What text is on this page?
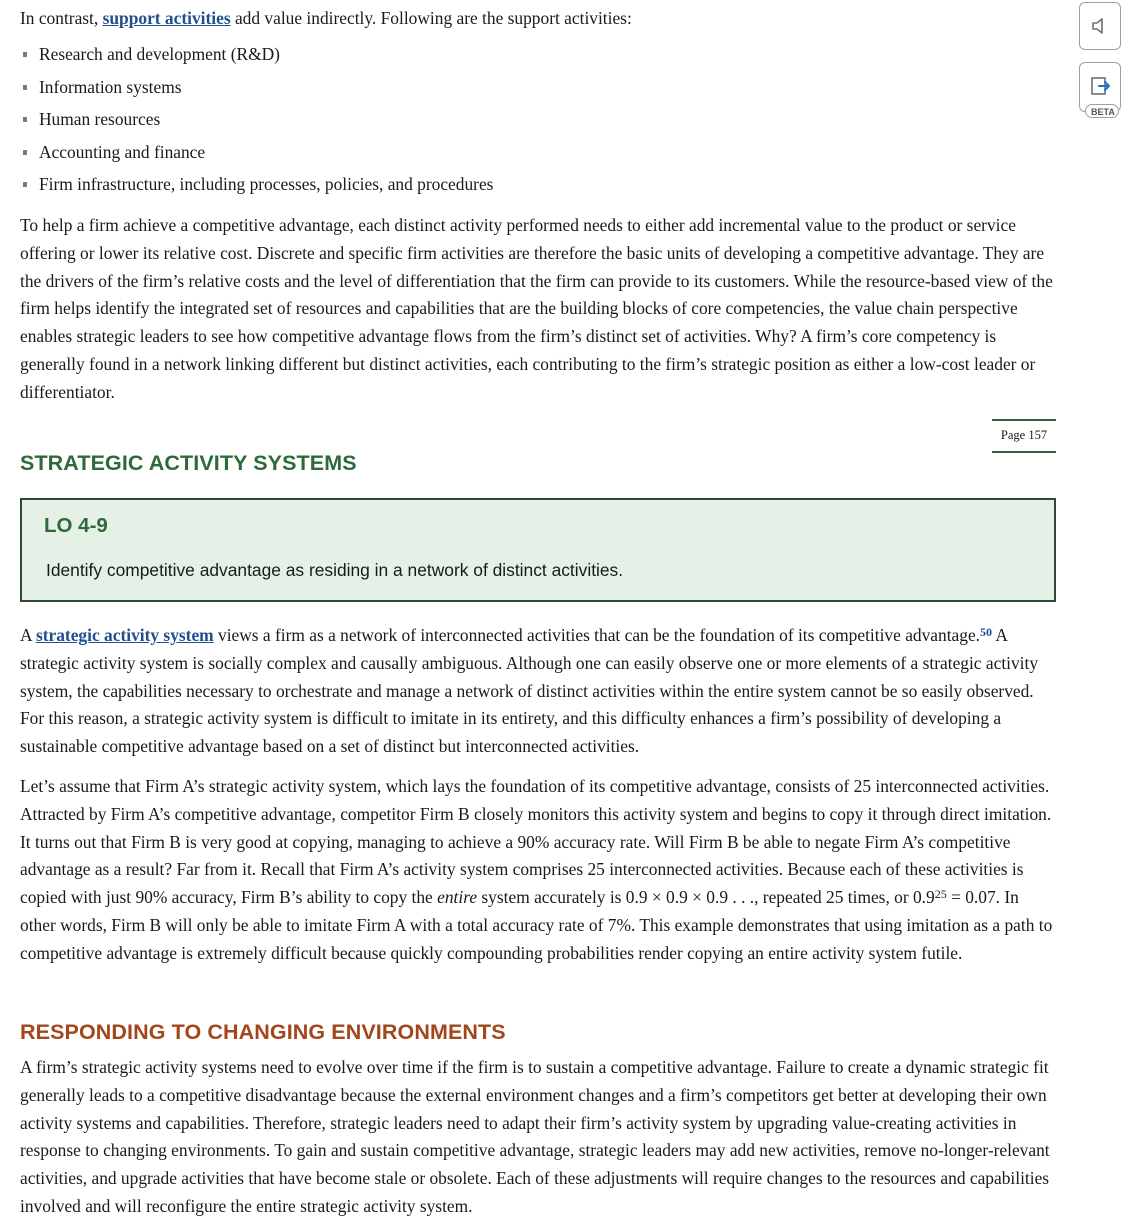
In contrast, support activities add value indirectly. Following are the support activities:

Research and development (R&D)
Information systems
Human resources
Accounting and finance
Firm infrastructure, including processes, policies, and procedures

To help a firm achieve a competitive advantage, each distinct activity performed needs to either add incremental value to the product or service offering or lower its relative cost. Discrete and specific firm activities are therefore the basic units of developing a competitive advantage. They are the drivers of the firm’s relative costs and the level of differentiation that the firm can provide to its customers. While the resource-based view of the firm helps identify the integrated set of resources and capabilities that are the building blocks of core competencies, the value chain perspective enables strategic leaders to see how competitive advantage flows from the firm’s distinct set of activities. Why? A firm’s core competency is generally found in a network linking different but distinct activities, each contributing to the firm’s strategic position as either a low-cost leader or differentiator.

Page 157
STRATEGIC ACTIVITY SYSTEMS
LO 4-9
Identify competitive advantage as residing in a network of distinct activities.

A strategic activity system views a firm as a network of interconnected activities that can be the foundation of its competitive advantage.$^{50}$ A strategic activity system is socially complex and causally ambiguous. Although one can easily observe one or more elements of a strategic activity system, the capabilities necessary to orchestrate and manage a network of distinct activities within the entire system cannot be so easily observed. For this reason, a strategic activity system is difficult to imitate in its entirety, and this difficulty enhances a firm’s possibility of developing a sustainable competitive advantage based on a set of distinct but interconnected activities.

Let’s assume that Firm A’s strategic activity system, which lays the foundation of its competitive advantage, consists of 25 interconnected activities. Attracted by Firm A’s competitive advantage, competitor Firm B closely monitors this activity system and begins to copy it through direct imitation. It turns out that Firm B is very good at copying, managing to achieve a 90% accuracy rate. Will Firm B be able to negate Firm A’s competitive advantage as a result? Far from it. Recall that Firm A’s activity system comprises 25 interconnected activities. Because each of these activities is copied with just 90% accuracy, Firm B’s ability to copy the entire system accurately is 0.9 × 0.9 × 0.9 . . ., repeated 25 times, or $0.9^{25} = 0.07$. In other words, Firm B will only be able to imitate Firm A with a total accuracy rate of 7%. This example demonstrates that using imitation as a path to competitive advantage is extremely difficult because quickly compounding probabilities render copying an entire activity system futile.

RESPONDING TO CHANGING ENVIRONMENTS

A firm’s strategic activity systems need to evolve over time if the firm is to sustain a competitive advantage. Failure to create a dynamic strategic fit generally leads to a competitive disadvantage because the external environment changes and a firm’s competitors get better at developing their own activity systems and capabilities. Therefore, strategic leaders need to adapt their firm’s activity system by upgrading value-creating activities in response to changing environments. To gain and sustain competitive advantage, strategic leaders may add new activities, remove no-longer-relevant activities, and upgrade activities that have become stale or obsolete. Each of these adjustments will require changes to the resources and capabilities involved and will reconfigure the entire strategic activity system.

BETA
